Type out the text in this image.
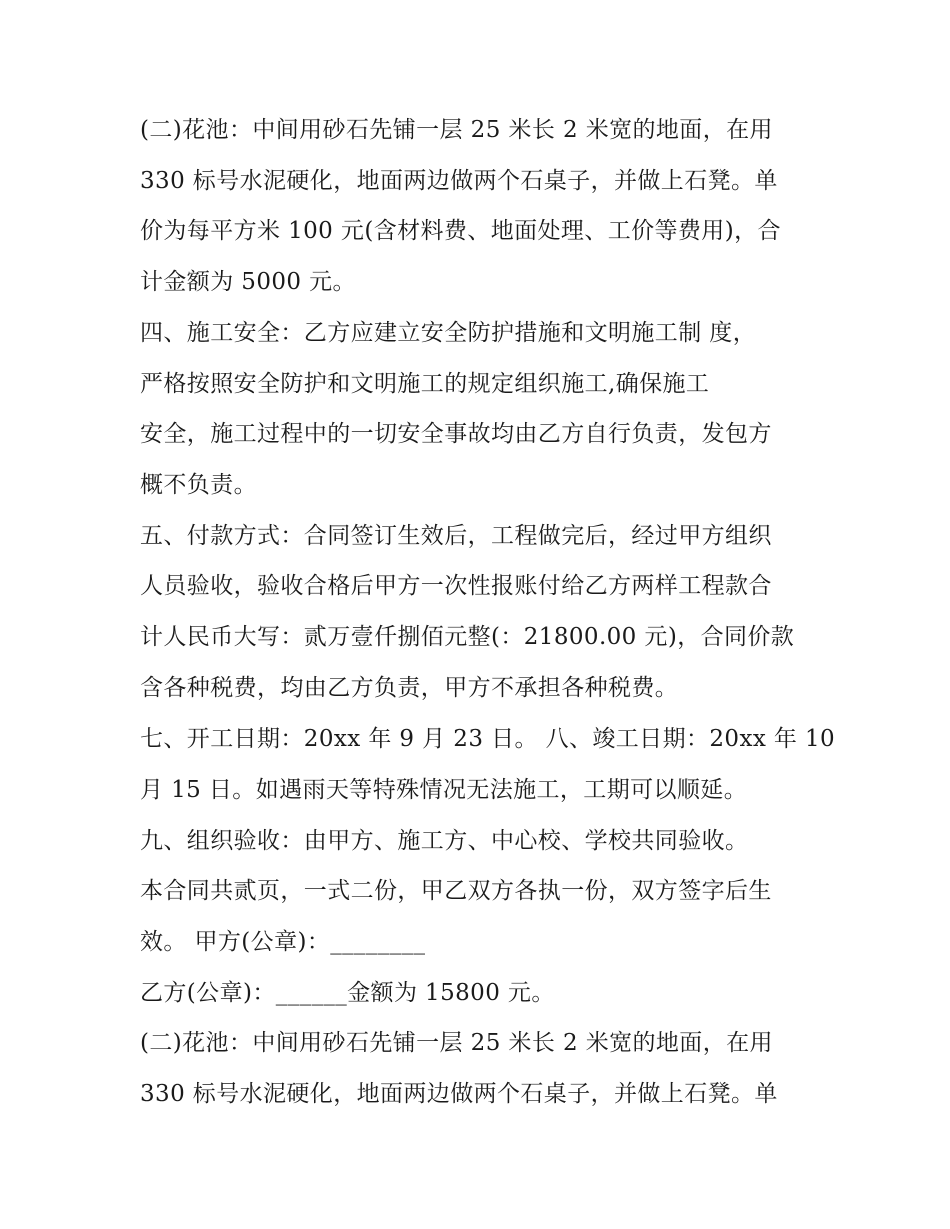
(二)花池：中间用砂石先铺一层 25 米长 2 米宽的地面，在用
330 标号水泥硬化，地面两边做两个石桌子，并做上石凳。单
价为每平方米 100 元(含材料费、地面处理、工价等费用)，合
计金额为 5000 元。
四、施工安全：乙方应建立安全防护措施和文明施工制 度，
严格按照安全防护和文明施工的规定组织施工,确保施工
安全，施工过程中的一切安全事故均由乙方自行负责，发包方
概不负责。
五、付款方式：合同签订生效后，工程做完后，经过甲方组织
人员验收，验收合格后甲方一次性报账付给乙方两样工程款合
计人民币大写：贰万壹仟捌佰元整(：21800.00 元)，合同价款
含各种税费，均由乙方负责，甲方不承担各种税费。
七、开工日期：20xx 年 9 月 23 日。 八、竣工日期：20xx 年 10
月 15 日。如遇雨天等特殊情况无法施工，工期可以顺延。
九、组织验收：由甲方、施工方、中心校、学校共同验收。
本合同共贰页，一式二份，甲乙双方各执一份，双方签字后生
效。 甲方(公章)：________
乙方(公章)：______金额为 15800 元。
(二)花池：中间用砂石先铺一层 25 米长 2 米宽的地面，在用
330 标号水泥硬化，地面两边做两个石桌子，并做上石凳。单
